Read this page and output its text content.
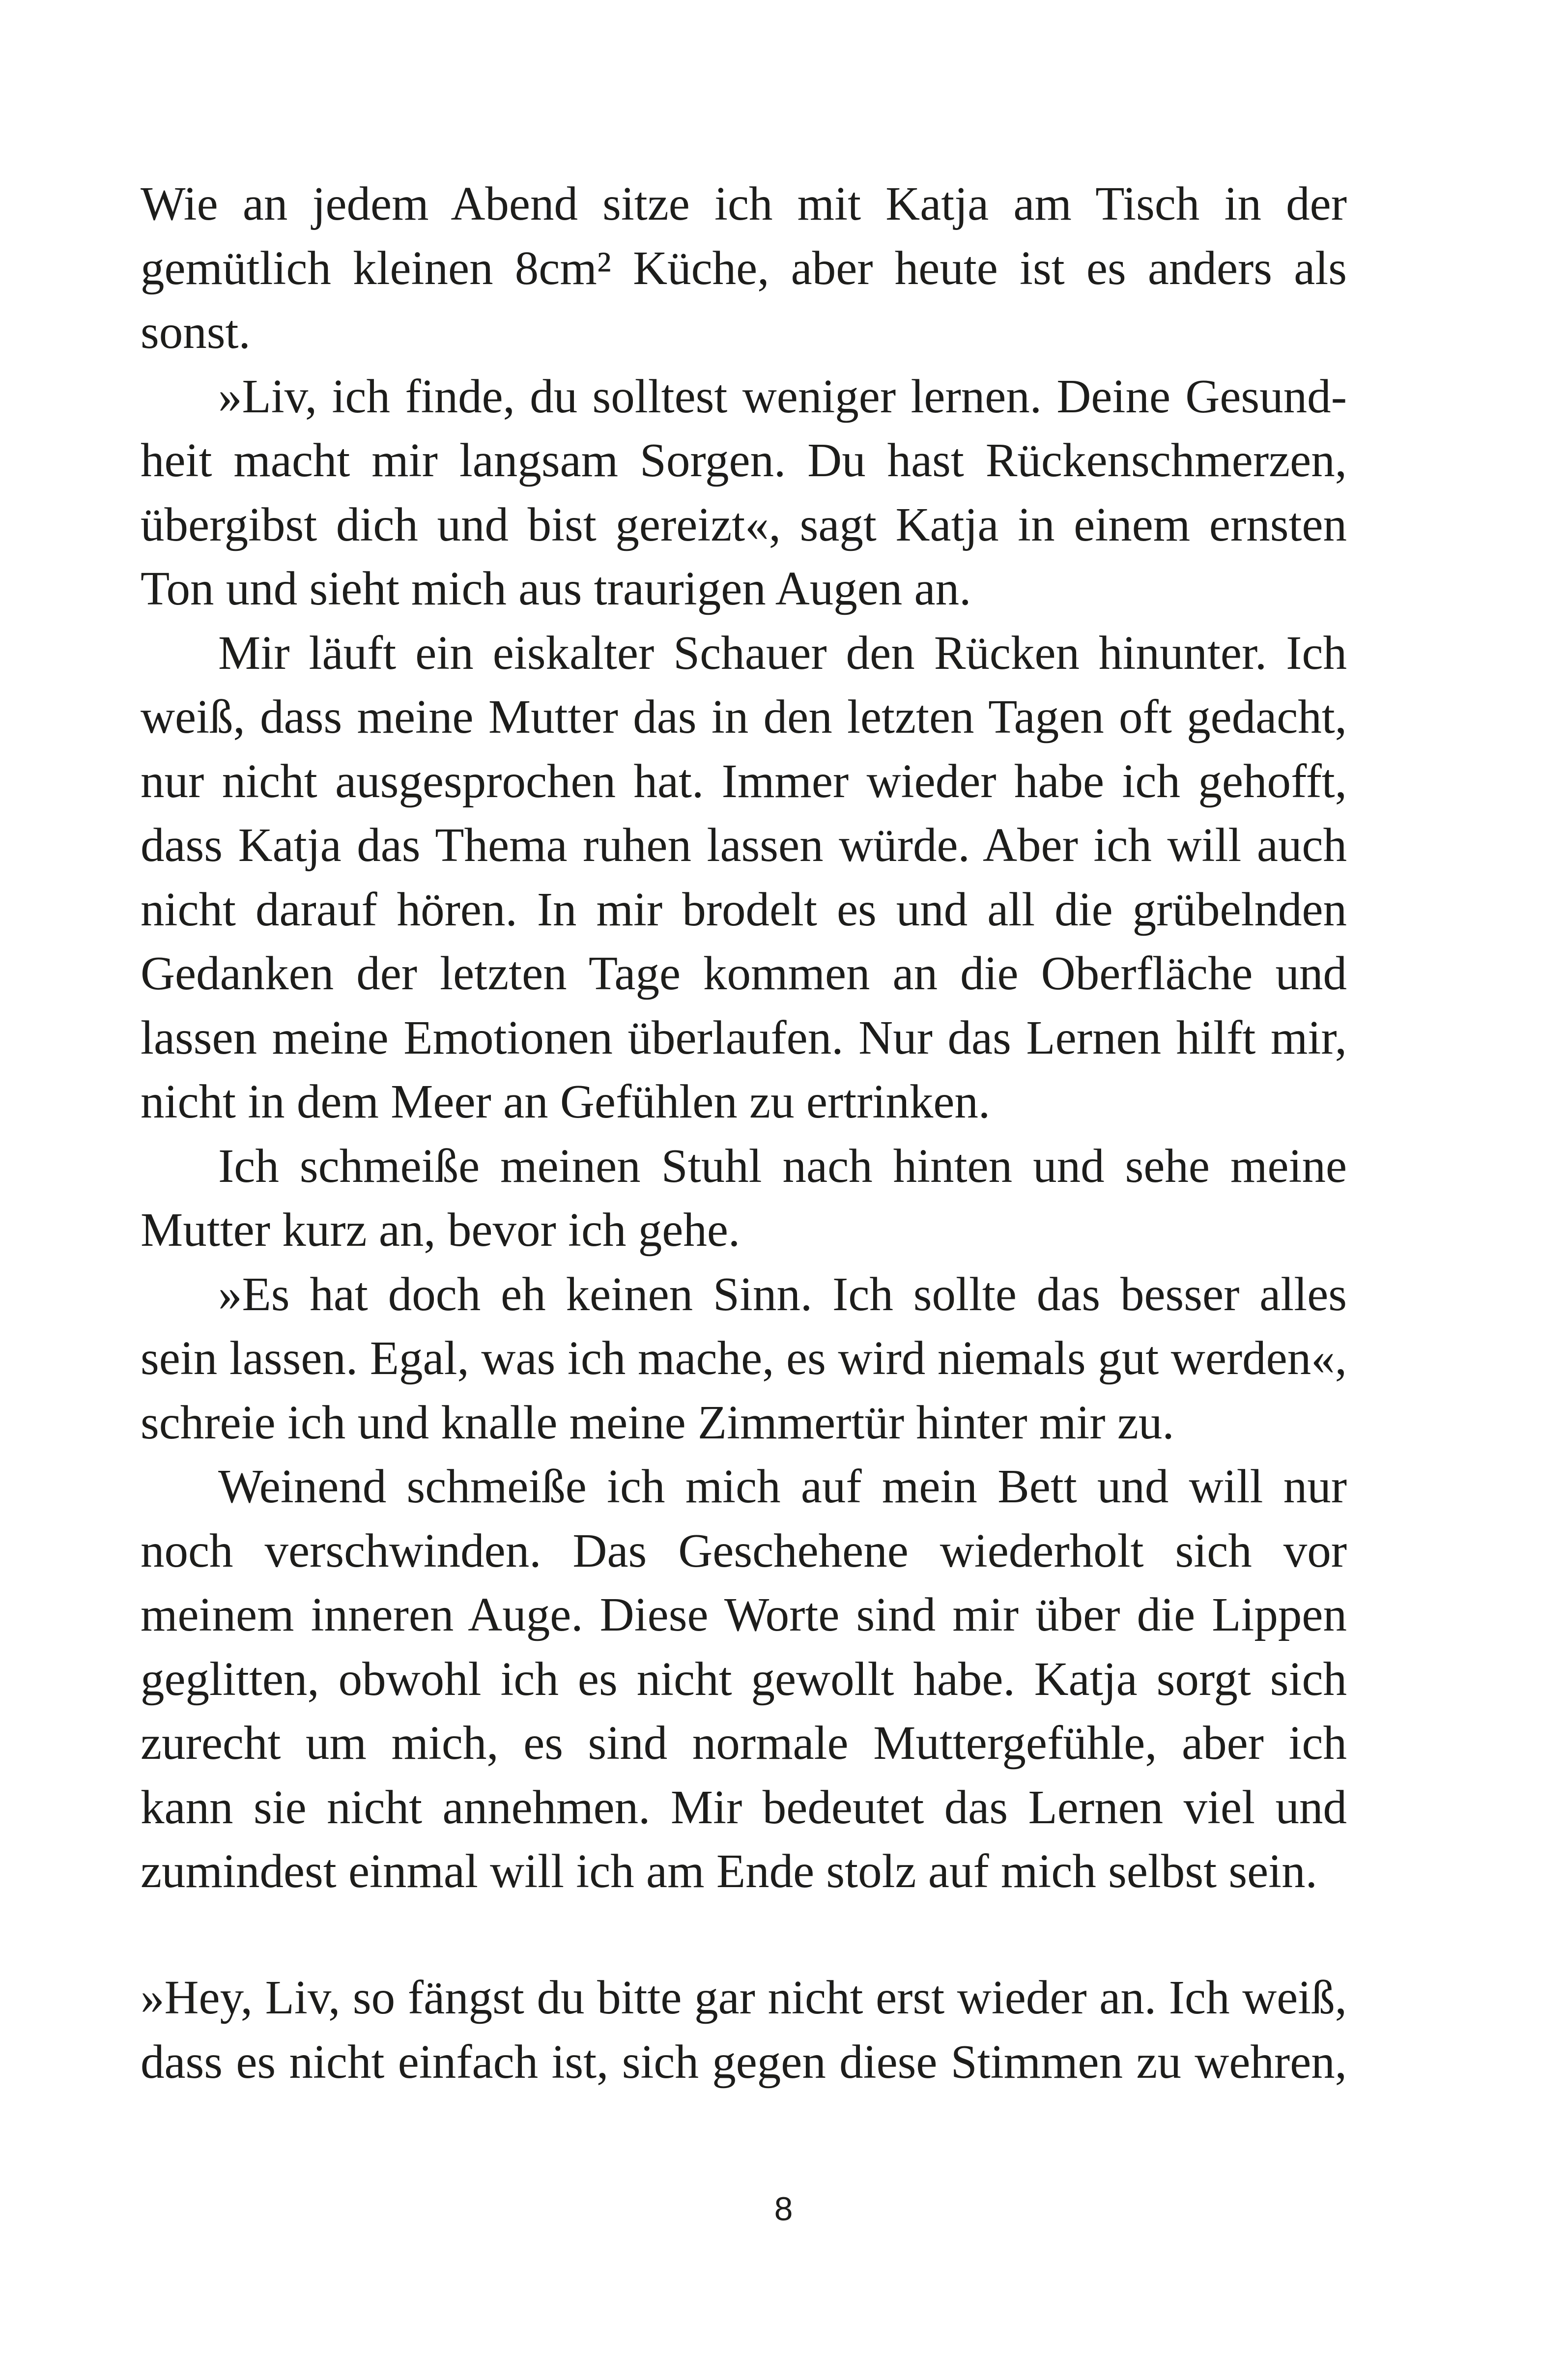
Wie an jedem Abend sitze ich mit Katja am Tisch in der gemütlich kleinen 8cm² Küche, aber heute ist es anders als sonst.

»Liv, ich finde, du solltest weniger lernen. Deine Gesundheit macht mir langsam Sorgen. Du hast Rückenschmerzen, übergibst dich und bist gereizt«, sagt Katja in einem ernsten Ton und sieht mich aus traurigen Augen an.

Mir läuft ein eiskalter Schauer den Rücken hinunter. Ich weiß, dass meine Mutter das in den letzten Tagen oft gedacht, nur nicht ausgesprochen hat. Immer wieder habe ich gehofft, dass Katja das Thema ruhen lassen würde. Aber ich will auch nicht darauf hören. In mir brodelt es und all die grübelnden Gedanken der letzten Tage kommen an die Oberfläche und lassen meine Emotionen überlaufen. Nur das Lernen hilft mir, nicht in dem Meer an Gefühlen zu ertrinken.

Ich schmeiße meinen Stuhl nach hinten und sehe meine Mutter kurz an, bevor ich gehe.

»Es hat doch eh keinen Sinn. Ich sollte das besser alles sein lassen. Egal, was ich mache, es wird niemals gut werden«, schreie ich und knalle meine Zimmertür hinter mir zu.

Weinend schmeiße ich mich auf mein Bett und will nur noch verschwinden. Das Geschehene wiederholt sich vor meinem inneren Auge. Diese Worte sind mir über die Lippen geglitten, obwohl ich es nicht gewollt habe. Katja sorgt sich zurecht um mich, es sind normale Muttergefühle, aber ich kann sie nicht annehmen. Mir bedeutet das Lernen viel und zumindest einmal will ich am Ende stolz auf mich selbst sein.

»Hey, Liv, so fängst du bitte gar nicht erst wieder an. Ich weiß, dass es nicht einfach ist, sich gegen diese Stimmen zu wehren,

8
